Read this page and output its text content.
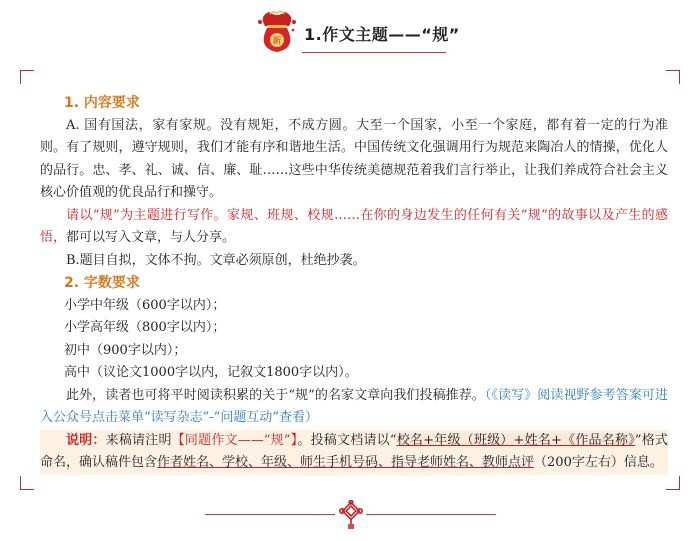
新 1.作文主题——“规”
1. 内容要求
A. 国有国法，家有家规。没有规矩，不成方圆。大至一个国家，小至一个家庭，都有着一定的行为准则。有了规则，遵守规则，我们才能有序和谐地生活。中国传统文化强调用行为规范来陶冶人的情操，优化人的品行。忠、孝、礼、诚、信、廉、耻……这些中华传统美德规范着我们言行举止，让我们养成符合社会主义核心价值观的优良品行和操守。
请以“规”为主题进行写作。家规、班规、校规……在你的身边发生的任何有关“规”的故事以及产生的感悟，都可以写入文章，与人分享。
B.题目自拟，文体不拘。文章必须原创，杜绝抄袭。
2. 字数要求
小学中年级（600字以内）；
小学高年级（800字以内）；
初中（900字以内）；
高中（议论文1000字以内，记叙文1800字以内）。
此外，读者也可将平时阅读积累的关于“规”的名家文章向我们投稿推荐。（《读写》阅读视野参考答案可进入公众号点击菜单“读写杂志”-“问题互动”查看）
说明：来稿请注明【同题作文——“规”】。投稿文档请以“校名+年级（班级）+姓名+《作品名称》”格式命名，确认稿件包含作者姓名、学校、年级、师生手机号码、指导老师姓名、教师点评（200字左右）信息。
